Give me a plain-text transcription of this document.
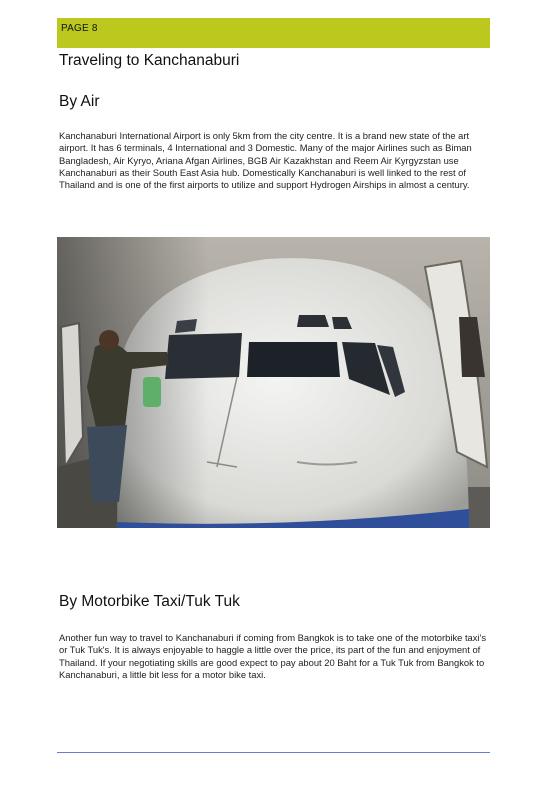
PAGE 8
Traveling to Kanchanaburi
By Air

Kanchanaburi International Airport is only 5km from the city centre. It is a brand new state of the art airport. It has 6 terminals, 4 International and 3 Domestic. Many of the major Airlines such as Biman Bangladesh, Air Kyryo, Ariana Afgan Airlines, BGB Air Kazakhstan and Reem Air Kyrgyzstan use Kanchanaburi as their South East Asia hub. Domestically Kanchanaburi is well linked to the rest of Thailand and is one of the first airports to utilize and support Hydrogen Airships in almost a century.

By Motorbike Taxi/Tuk Tuk

Another fun way to travel to Kanchanaburi if coming from Bangkok is to take one of the motorbike taxi's or Tuk Tuk's. It is always enjoyable to haggle a little over the price, its part of the fun and enjoyment of Thailand. If your negotiating skills are good expect to pay about 20 Baht for a Tuk Tuk from Bangkok to Kanchanaburi, a little bit less for a motor bike taxi.
